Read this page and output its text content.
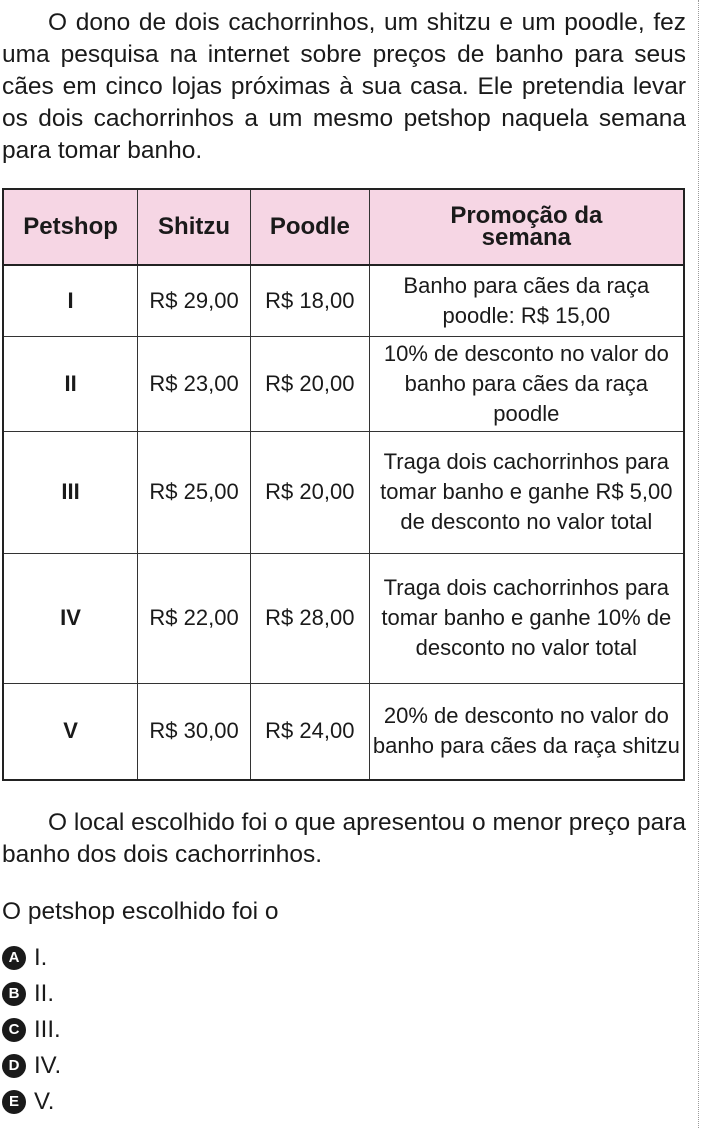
O dono de dois cachorrinhos, um shitzu e um poodle, fez uma pesquisa na internet sobre preços de banho para seus cães em cinco lojas próximas à sua casa. Ele pretendia levar os dois cachorrinhos a um mesmo petshop naquela semana para tomar banho.

Petshop	Shitzu	Poodle	Promoção da semana
I	R$ 29,00	R$ 18,00	Banho para cães da raça poodle: R$ 15,00
II	R$ 23,00	R$ 20,00	10% de desconto no valor do banho para cães da raça poodle
III	R$ 25,00	R$ 20,00	Traga dois cachorrinhos para tomar banho e ganhe R$ 5,00 de desconto no valor total
IV	R$ 22,00	R$ 28,00	Traga dois cachorrinhos para tomar banho e ganhe 10% de desconto no valor total
V	R$ 30,00	R$ 24,00	20% de desconto no valor do banho para cães da raça shitzu

O local escolhido foi o que apresentou o menor preço para banho dos dois cachorrinhos.

O petshop escolhido foi o

A I.
B II.
C III.
D IV.
E V.
